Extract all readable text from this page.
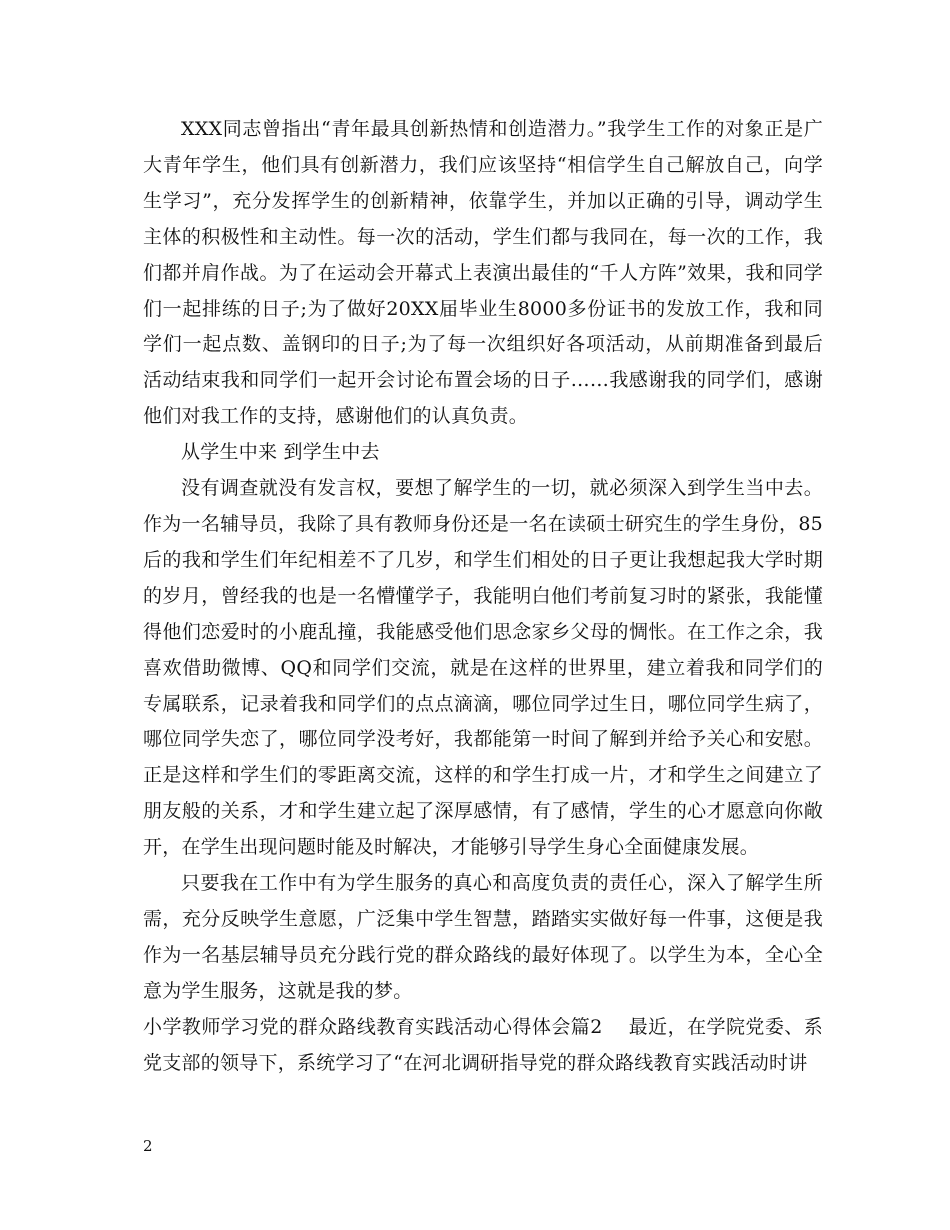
XXX同志曾指出“青年最具创新热情和创造潜力。”我学生工作的对象正是广大青年学生，他们具有创新潜力，我们应该坚持“相信学生自己解放自己，向学生学习”，充分发挥学生的创新精神，依靠学生，并加以正确的引导，调动学生主体的积极性和主动性。每一次的活动，学生们都与我同在，每一次的工作，我们都并肩作战。为了在运动会开幕式上表演出最佳的“千人方阵”效果，我和同学们一起排练的日子;为了做好20XX届毕业生8000多份证书的发放工作，我和同学们一起点数、盖钢印的日子;为了每一次组织好各项活动，从前期准备到最后活动结束我和同学们一起开会讨论布置会场的日子……我感谢我的同学们，感谢他们对我工作的支持，感谢他们的认真负责。

从学生中来 到学生中去

没有调查就没有发言权，要想了解学生的一切，就必须深入到学生当中去。作为一名辅导员，我除了具有教师身份还是一名在读硕士研究生的学生身份，85后的我和学生们年纪相差不了几岁，和学生们相处的日子更让我想起我大学时期的岁月，曾经我的也是一名懵懂学子，我能明白他们考前复习时的紧张，我能懂得他们恋爱时的小鹿乱撞，我能感受他们思念家乡父母的惆怅。在工作之余，我喜欢借助微博、QQ和同学们交流，就是在这样的世界里，建立着我和同学们的专属联系，记录着我和同学们的点点滴滴，哪位同学过生日，哪位同学生病了，哪位同学失恋了，哪位同学没考好，我都能第一时间了解到并给予关心和安慰。正是这样和学生们的零距离交流，这样的和学生打成一片，才和学生之间建立了朋友般的关系，才和学生建立起了深厚感情，有了感情，学生的心才愿意向你敞开，在学生出现问题时能及时解决，才能够引导学生身心全面健康发展。

只要我在工作中有为学生服务的真心和高度负责的责任心，深入了解学生所需，充分反映学生意愿，广泛集中学生智慧，踏踏实实做好每一件事，这便是我作为一名基层辅导员充分践行党的群众路线的最好体现了。以学生为本，全心全意为学生服务，这就是我的梦。

小学教师学习党的群众路线教育实践活动心得体会篇2 最近，在学院党委、系党支部的领导下，系统学习了“在河北调研指导党的群众路线教育实践活动时讲

2
